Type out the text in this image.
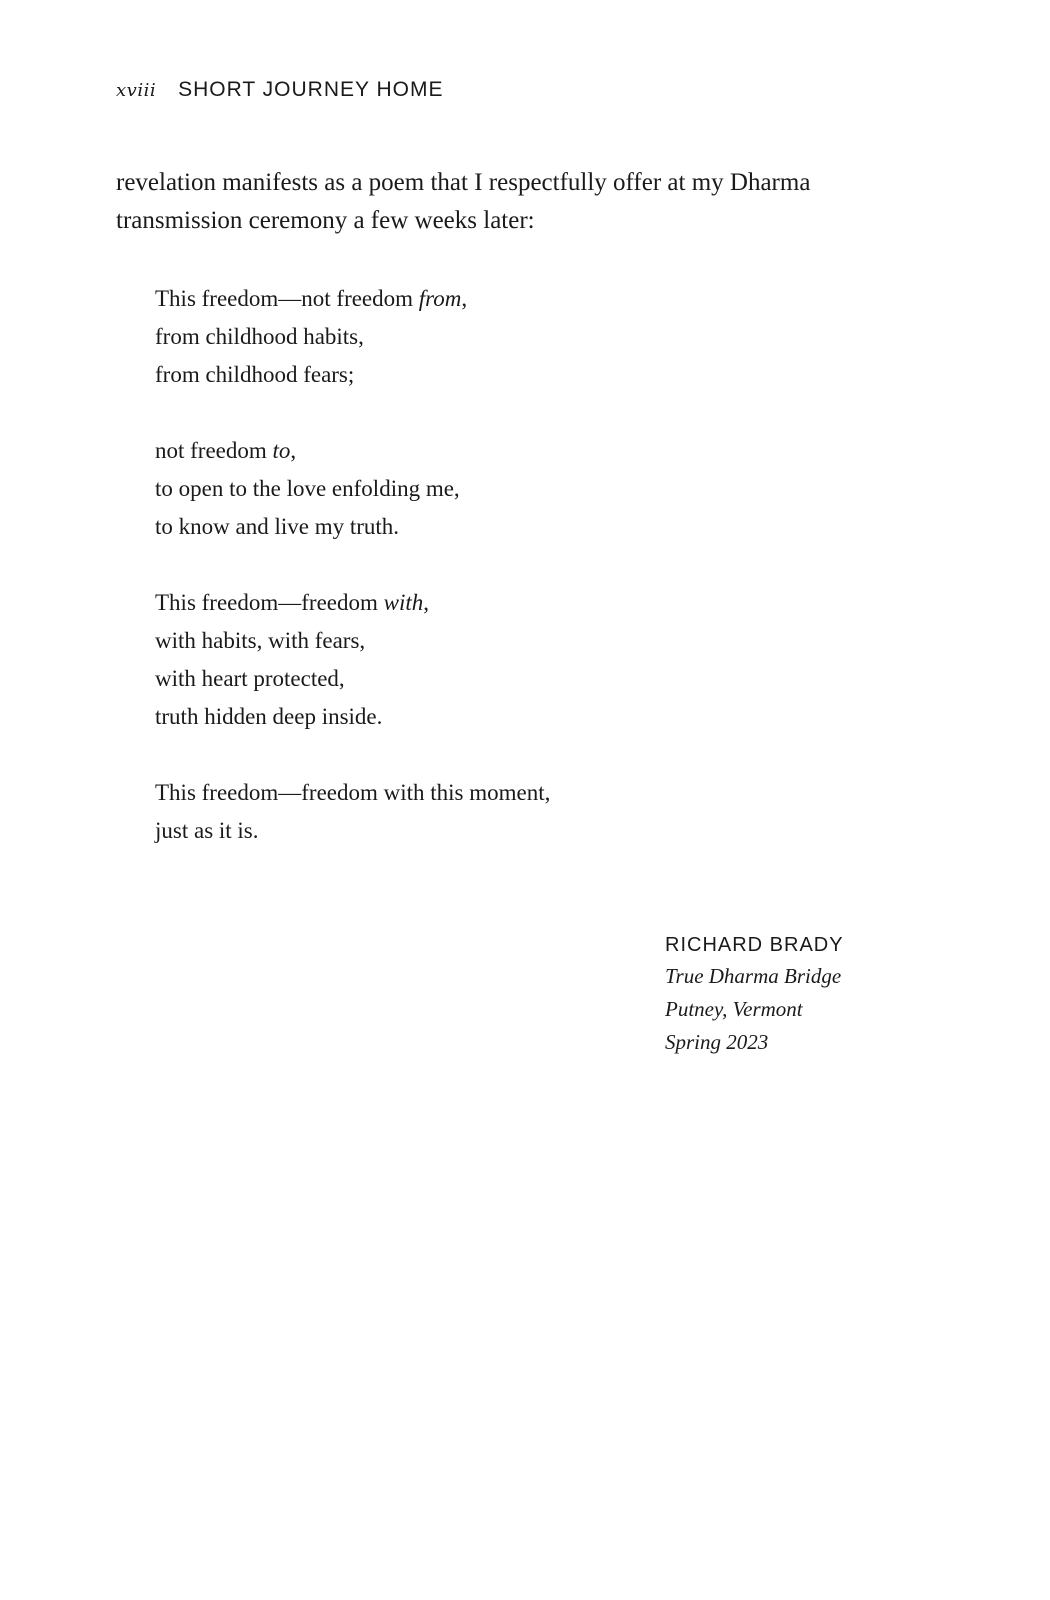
xviii SHORT JOURNEY HOME

revelation manifests as a poem that I respectfully offer at my Dharma transmission ceremony a few weeks later:

This freedom—not freedom from,
from childhood habits,
from childhood fears;
not freedom to,
to open to the love enfolding me,
to know and live my truth.
This freedom—freedom with,
with habits, with fears,
with heart protected,
truth hidden deep inside.
This freedom—freedom with this moment,
just as it is.
RICHARD BRADY
True Dharma Bridge
Putney, Vermont
Spring 2023
